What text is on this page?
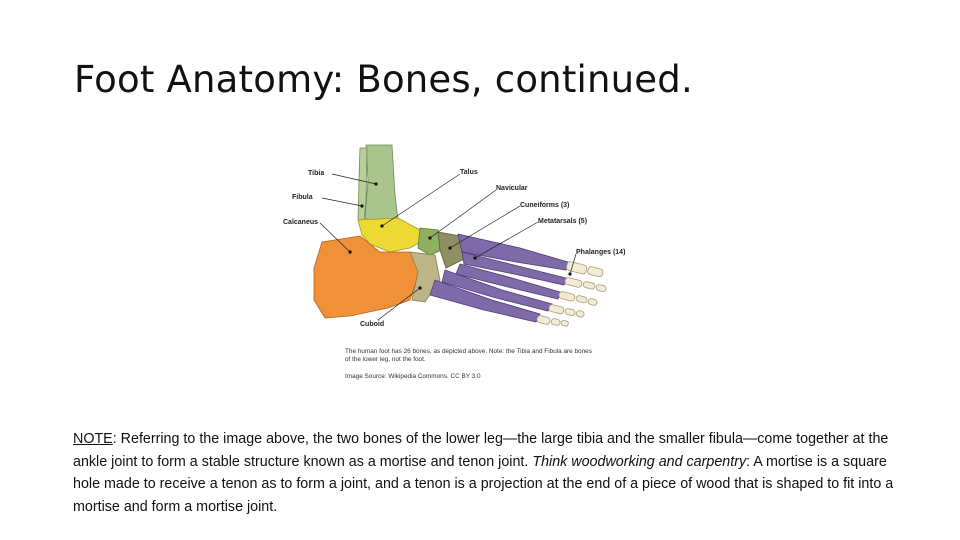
Foot Anatomy: Bones, continued.
Tibia
Fibula
Calcaneus
Talus
Navicular
Cuneiforms (3)
Metatarsals (5)
Phalanges (14)
Cuboid
The human foot has 26 bones, as depicted above. Note: the Tibia and Fibula are bones of the lower leg, not the foot.
Image Source: Wikipedia Commons. CC BY 3.0

NOTE: Referring to the image above, the two bones of the lower leg—the large tibia and the smaller fibula—come together at the ankle joint to form a stable structure known as a mortise and tenon joint. Think woodworking and carpentry: A mortise is a square hole made to receive a tenon as to form a joint, and a tenon is a projection at the end of a piece of wood that is shaped to fit into a mortise and form a mortise joint.
